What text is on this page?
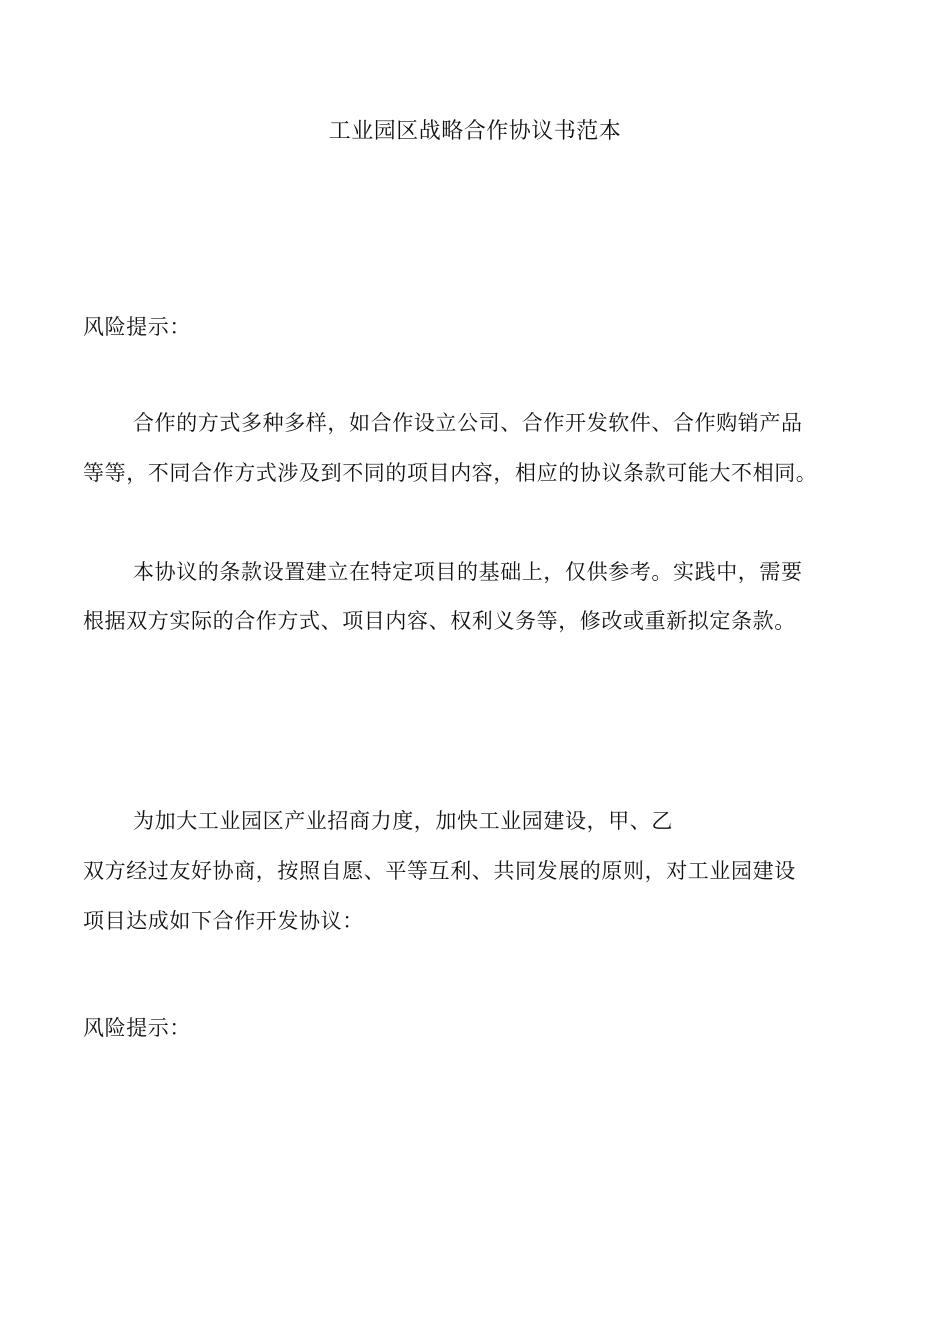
工业园区战略合作协议书范本
风险提示：
合作的方式多种多样，如合作设立公司、合作开发软件、合作购销产品
等等，不同合作方式涉及到不同的项目内容，相应的协议条款可能大不相同。
本协议的条款设置建立在特定项目的基础上，仅供参考。实践中，需要
根据双方实际的合作方式、项目内容、权利义务等，修改或重新拟定条款。
为加大工业园区产业招商力度，加快工业园建设，甲、乙
双方经过友好协商，按照自愿、平等互利、共同发展的原则，对工业园建设
项目达成如下合作开发协议：
风险提示：
